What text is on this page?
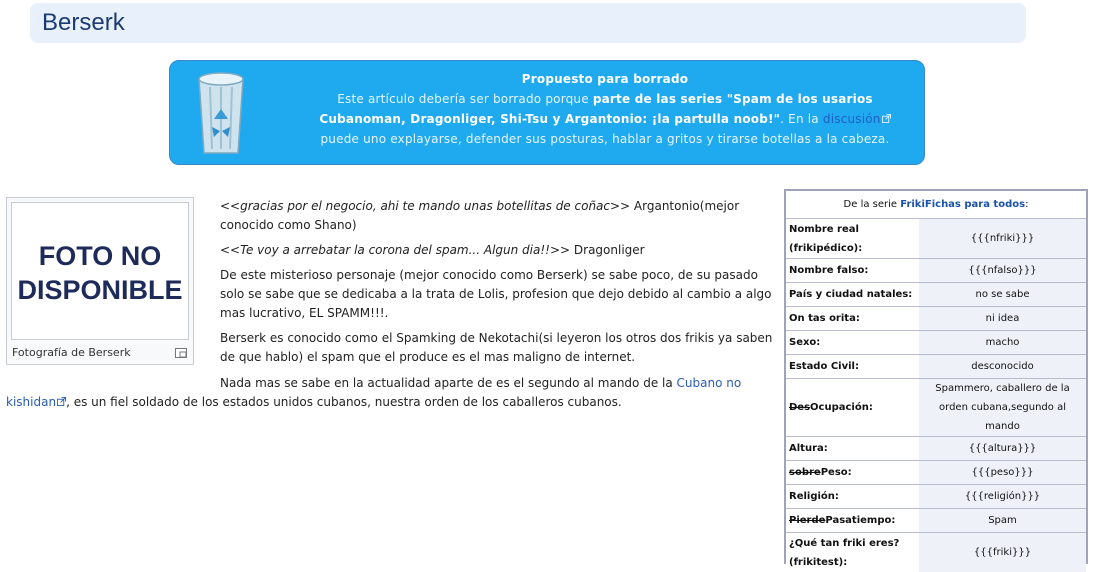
Berserk
Propuesto para borrado
Este artículo debería ser borrado porque parte de las series "Spam de los usarios Cubanoman, Dragonliger, Shi-Tsu y Argantonio: ¡la partulla noob!". En la discusión puede uno explayarse, defender sus posturas, hablar a gritos y tirarse botellas a la cabeza.
FOTO NO
DISPONIBLE
Fotografía de Berserk

<<gracias por el negocio, ahi te mando unas botellitas de coñac>> Argantonio(mejor conocido como Shano)

<<Te voy a arrebatar la corona del spam... Algun dia!!>> Dragonliger

De este misterioso personaje (mejor conocido como Berserk) se sabe poco, de su pasado solo se sabe que se dedicaba a la trata de Lolis, profesion que dejo debido al cambio a algo mas lucrativo, EL SPAMM!!!.

Berserk es conocido como el Spamking de Nekotachi(si leyeron los otros dos frikis ya saben de que hablo) el spam que el produce es el mas maligno de internet.

Nada mas se sabe en la actualidad aparte de es el segundo al mando de la Cubano no

kishidan , es un fiel soldado de los estados unidos cubanos, nuestra orden de los caballeros cubanos.
De la serie FrikiFichas para todos:	
Nombre real (frikipédico):	{{{nfriki}}}
Nombre falso:	{{{nfalso}}}
País y ciudad natales:	no se sabe
On tas orita:	ni idea
Sexo:	macho
Estado Civil:	desconocido
DesOcupación:	Spammero, caballero de la orden cubana,segundo al mando
Altura:	{{{altura}}}
sobrePeso:	{{{peso}}}
Religión:	{{{religión}}}
PierdePasatiempo:	Spam
¿Qué tan friki eres? (frikitest):	{{{friki}}}
